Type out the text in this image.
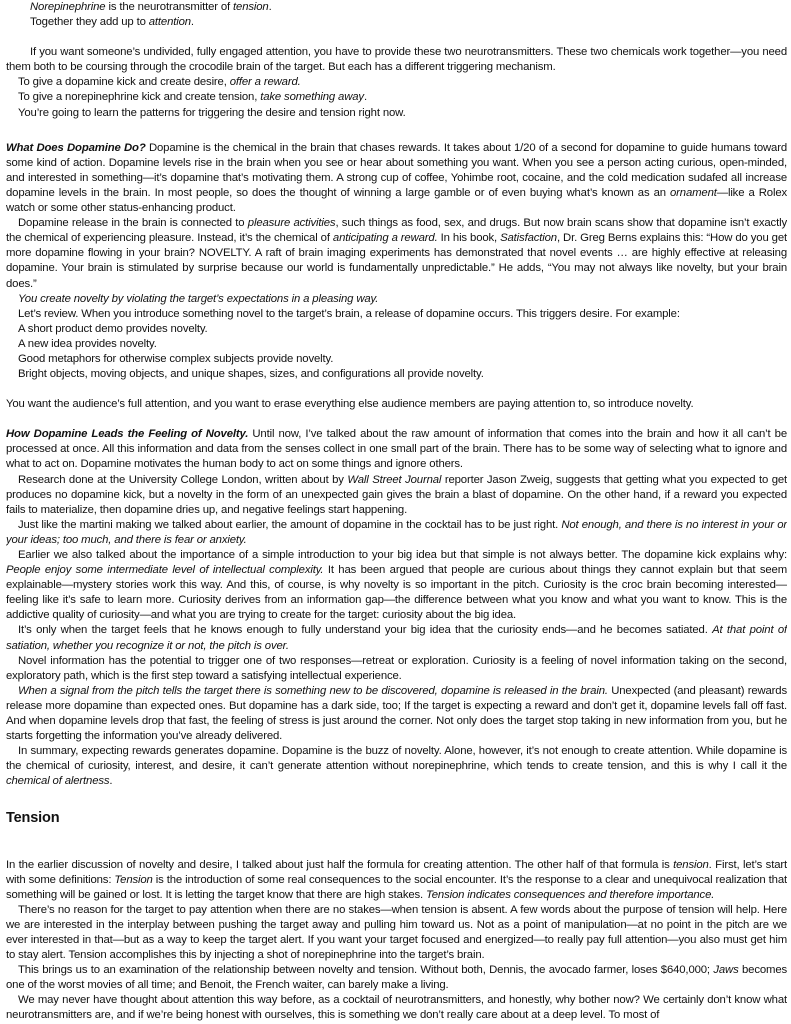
Norepinephrine is the neurotransmitter of tension.

Together they add up to attention.

If you want someone’s undivided, fully engaged attention, you have to provide these two neurotransmitters. These two chemicals work together—you need them both to be coursing through the crocodile brain of the target. But each has a different triggering mechanism.

To give a dopamine kick and create desire, offer a reward.

To give a norepinephrine kick and create tension, take something away.

You’re going to learn the patterns for triggering the desire and tension right now.

What Does Dopamine Do? Dopamine is the chemical in the brain that chases rewards. It takes about 1/20 of a second for dopamine to guide humans toward some kind of action. Dopamine levels rise in the brain when you see or hear about something you want. When you see a person acting curious, open-minded, and interested in something—it’s dopamine that’s motivating them. A strong cup of coffee, Yohimbe root, cocaine, and the cold medication sudafed all increase dopamine levels in the brain. In most people, so does the thought of winning a large gamble or of even buying what’s known as an ornament—like a Rolex watch or some other status-enhancing product.

Dopamine release in the brain is connected to pleasure activities, such things as food, sex, and drugs. But now brain scans show that dopamine isn’t exactly the chemical of experiencing pleasure. Instead, it’s the chemical of anticipating a reward. In his book, Satisfaction, Dr. Greg Berns explains this: “How do you get more dopamine flowing in your brain? NOVELTY. A raft of brain imaging experiments has demonstrated that novel events … are highly effective at releasing dopamine. Your brain is stimulated by surprise because our world is fundamentally unpredictable.” He adds, “You may not always like novelty, but your brain does.”

You create novelty by violating the target’s expectations in a pleasing way.

Let’s review. When you introduce something novel to the target’s brain, a release of dopamine occurs. This triggers desire. For example:

A short product demo provides novelty.

A new idea provides novelty.

Good metaphors for otherwise complex subjects provide novelty.

Bright objects, moving objects, and unique shapes, sizes, and configurations all provide novelty.

You want the audience’s full attention, and you want to erase everything else audience members are paying attention to, so introduce novelty.

How Dopamine Leads the Feeling of Novelty. Until now, I’ve talked about the raw amount of information that comes into the brain and how it all can’t be processed at once. All this information and data from the senses collect in one small part of the brain. There has to be some way of selecting what to ignore and what to act on. Dopamine motivates the human body to act on some things and ignore others.

Research done at the University College London, written about by Wall Street Journal reporter Jason Zweig, suggests that getting what you expected to get produces no dopamine kick, but a novelty in the form of an unexpected gain gives the brain a blast of dopamine. On the other hand, if a reward you expected fails to materialize, then dopamine dries up, and negative feelings start happening.

Just like the martini making we talked about earlier, the amount of dopamine in the cocktail has to be just right. Not enough, and there is no interest in your or your ideas; too much, and there is fear or anxiety.

Earlier we also talked about the importance of a simple introduction to your big idea but that simple is not always better. The dopamine kick explains why: People enjoy some intermediate level of intellectual complexity. It has been argued that people are curious about things they cannot explain but that seem explainable—mystery stories work this way. And this, of course, is why novelty is so important in the pitch. Curiosity is the croc brain becoming interested—feeling like it’s safe to learn more. Curiosity derives from an information gap—the difference between what you know and what you want to know. This is the addictive quality of curiosity—and what you are trying to create for the target: curiosity about the big idea.

It’s only when the target feels that he knows enough to fully understand your big idea that the curiosity ends—and he becomes satiated. At that point of satiation, whether you recognize it or not, the pitch is over.

Novel information has the potential to trigger one of two responses—retreat or exploration. Curiosity is a feeling of novel information taking on the second, exploratory path, which is the first step toward a satisfying intellectual experience.

When a signal from the pitch tells the target there is something new to be discovered, dopamine is released in the brain. Unexpected (and pleasant) rewards release more dopamine than expected ones. But dopamine has a dark side, too; If the target is expecting a reward and don’t get it, dopamine levels fall off fast. And when dopamine levels drop that fast, the feeling of stress is just around the corner. Not only does the target stop taking in new information from you, but he starts forgetting the information you’ve already delivered.

In summary, expecting rewards generates dopamine. Dopamine is the buzz of novelty. Alone, however, it’s not enough to create attention. While dopamine is the chemical of curiosity, interest, and desire, it can’t generate attention without norepinephrine, which tends to create tension, and this is why I call it the chemical of alertness.

Tension

In the earlier discussion of novelty and desire, I talked about just half the formula for creating attention. The other half of that formula is tension. First, let’s start with some definitions: Tension is the introduction of some real consequences to the social encounter. It’s the response to a clear and unequivocal realization that something will be gained or lost. It is letting the target know that there are high stakes. Tension indicates consequences and therefore importance.

There’s no reason for the target to pay attention when there are no stakes—when tension is absent. A few words about the purpose of tension will help. Here we are interested in the interplay between pushing the target away and pulling him toward us. Not as a point of manipulation—at no point in the pitch are we ever interested in that—but as a way to keep the target alert. If you want your target focused and energized—to really pay full attention—you also must get him to stay alert. Tension accomplishes this by injecting a shot of norepinephrine into the target’s brain.

This brings us to an examination of the relationship between novelty and tension. Without both, Dennis, the avocado farmer, loses $640,000; Jaws becomes one of the worst movies of all time; and Benoit, the French waiter, can barely make a living.

We may never have thought about attention this way before, as a cocktail of neurotransmitters, and honestly, why bother now? We certainly don’t know what neurotransmitters are, and if we’re being honest with ourselves, this is something we don’t really care about at a deep level. To most of
